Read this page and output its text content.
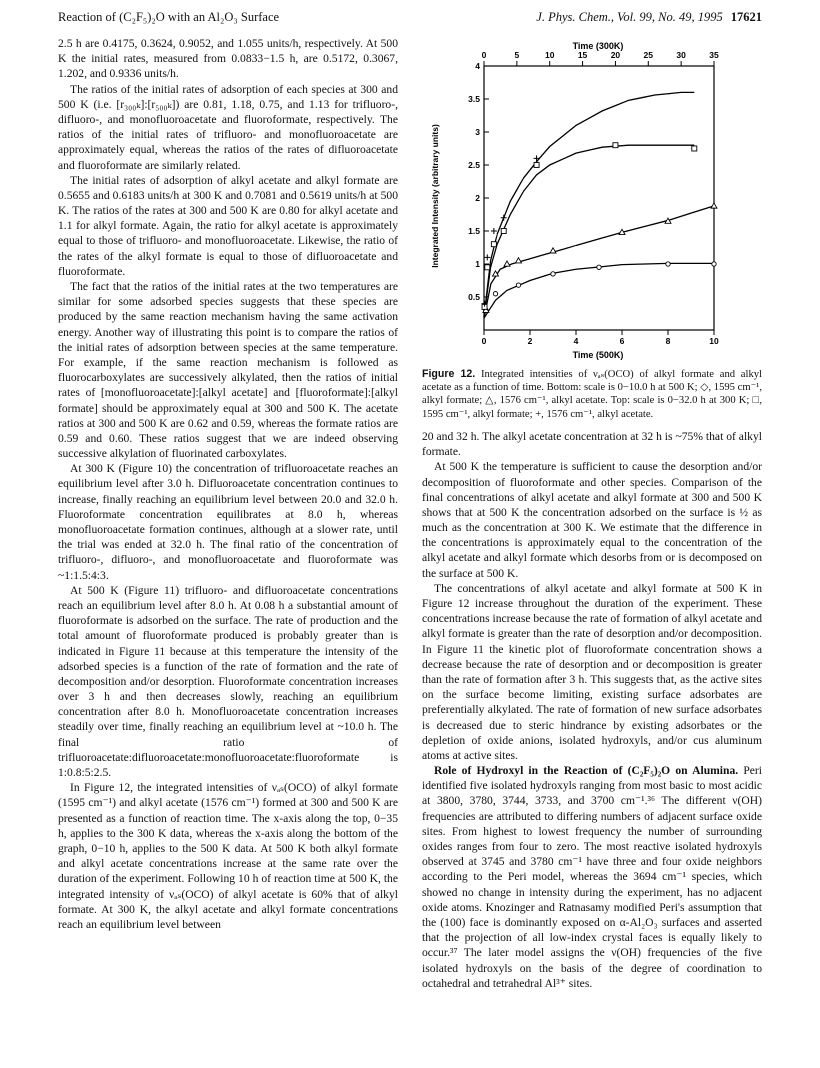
Reaction of (C₂F₅)₂O with an Al₂O₃ Surface	J. Phys. Chem., Vol. 99, No. 49, 1995 17621

2.5 h are 0.4175, 0.3624, 0.9052, and 1.055 units/h, respectively. At 500 K the initial rates, measured from 0.0833−1.5 h, are 0.5172, 0.3067, 1.202, and 0.9336 units/h.

The ratios of the initial rates of adsorption of each species at 300 and 500 K (i.e. [r₃₀₀ₖ]:[r₅₀₀ₖ]) are 0.81, 1.18, 0.75, and 1.13 for trifluoro-, difluoro-, and monofluoroacetate and fluoroformate, respectively. The ratios of the initial rates of trifluoro- and monofluoroacetate are approximately equal, whereas the ratios of the rates of difluoroacetate and fluoroformate are similarly related.

The initial rates of adsorption of alkyl acetate and alkyl formate are 0.5655 and 0.6183 units/h at 300 K and 0.7081 and 0.5619 units/h at 500 K. The ratios of the rates at 300 and 500 K are 0.80 for alkyl acetate and 1.1 for alkyl formate. Again, the ratio for alkyl acetate is approximately equal to those of trifluoro- and monofluoroacetate. Likewise, the ratio of the rates of the alkyl formate is equal to those of difluoroacetate and fluoroformate.

The fact that the ratios of the initial rates at the two temperatures are similar for some adsorbed species suggests that these species are produced by the same reaction mechanism having the same activation energy. Another way of illustrating this point is to compare the ratios of the initial rates of adsorption between species at the same temperature. For example, if the same reaction mechanism is followed as fluorocarboxylates are successively alkylated, then the ratios of initial rates of [monofluoroacetate]:[alkyl acetate] and [fluoroformate]:[alkyl formate] should be approximately equal at 300 and 500 K. The acetate ratios at 300 and 500 K are 0.62 and 0.59, whereas the formate ratios are 0.59 and 0.60. These ratios suggest that we are indeed observing successive alkylation of fluorinated carboxylates.

At 300 K (Figure 10) the concentration of trifluoroacetate reaches an equilibrium level after 3.0 h. Difluoroacetate concentration continues to increase, finally reaching an equilibrium level between 20.0 and 32.0 h. Fluoroformate concentration equilibrates at 8.0 h, whereas monofluoroacetate formation continues, although at a slower rate, until the trial was ended at 32.0 h. The final ratio of the concentration of trifluoro-, difluoro-, and monofluoroacetate and fluoroformate was ~1:1.5:4:3.

At 500 K (Figure 11) trifluoro- and difluoroacetate concentrations reach an equilibrium level after 8.0 h. At 0.08 h a substantial amount of fluoroformate is adsorbed on the surface. The rate of production and the total amount of fluoroformate produced is probably greater than is indicated in Figure 11 because at this temperature the intensity of the adsorbed species is a function of the rate of formation and the rate of decomposition and/or desorption. Fluoroformate concentration increases over 3 h and then decreases slowly, reaching an equilibrium concentration after 8.0 h. Monofluoroacetate concentration increases steadily over time, finally reaching an equilibrium level at ~10.0 h. The final ratio of trifluoroacetate:difluoroacetate:monofluoroacetate:fluoroformate is 1:0.8:5:2.5.

In Figure 12, the integrated intensities of νₐₛ(OCO) of alkyl formate (1595 cm⁻¹) and alkyl acetate (1576 cm⁻¹) formed at 300 and 500 K are presented as a function of reaction time. The x-axis along the top, 0−35 h, applies to the 300 K data, whereas the x-axis along the bottom of the graph, 0−10 h, applies to the 500 K data. At 500 K both alkyl formate and alkyl acetate concentrations increase at the same rate over the duration of the experiment. Following 10 h of reaction time at 500 K, the integrated intensity of νₐₛ(OCO) of alkyl acetate is 60% that of alkyl formate. At 300 K, the alkyl acetate and alkyl formate concentrations reach an equilibrium level between

0	5	10	15	20	25	30	35
0	2	4	6	8	10
0.5
1
1.5
2
2.5
3
3.5
4
Time (300K)
Time (500K)
Integrated Intensity (arbitrary units)
Figure 12. Integrated intensities of νₐₛ(OCO) of alkyl formate and alkyl acetate as a function of time. Bottom: scale is 0−10.0 h at 500 K; ◇, 1595 cm⁻¹, alkyl formate; △, 1576 cm⁻¹, alkyl acetate. Top: scale is 0−32.0 h at 300 K; □, 1595 cm⁻¹, alkyl formate; +, 1576 cm⁻¹, alkyl acetate.

20 and 32 h. The alkyl acetate concentration at 32 h is ~75% that of alkyl formate.

At 500 K the temperature is sufficient to cause the desorption and/or decomposition of fluoroformate and other species. Comparison of the final concentrations of alkyl acetate and alkyl formate at 300 and 500 K shows that at 500 K the concentration adsorbed on the surface is ½ as much as the concentration at 300 K. We estimate that the difference in the concentrations is approximately equal to the concentration of the alkyl acetate and alkyl formate which desorbs from or is decomposed on the surface at 500 K.

The concentrations of alkyl acetate and alkyl formate at 500 K in Figure 12 increase throughout the duration of the experiment. These concentrations increase because the rate of formation of alkyl acetate and alkyl formate is greater than the rate of desorption and/or decomposition. In Figure 11 the kinetic plot of fluoroformate concentration shows a decrease because the rate of desorption and or decomposition is greater than the rate of formation after 3 h. This suggests that, as the active sites on the surface become limiting, existing surface adsorbates are preferentially alkylated. The rate of formation of new surface adsorbates is decreased due to steric hindrance by existing adsorbates or the depletion of oxide anions, isolated hydroxyls, and/or cus aluminum atoms at active sites.

Role of Hydroxyl in the Reaction of (C₂F₅)₂O on Alumina. Peri identified five isolated hydroxyls ranging from most basic to most acidic at 3800, 3780, 3744, 3733, and 3700 cm⁻¹.³⁶ The different ν(OH) frequencies are attributed to differing numbers of adjacent surface oxide sites. From highest to lowest frequency the number of surrounding oxides ranges from four to zero. The most reactive isolated hydroxyls observed at 3745 and 3780 cm⁻¹ have three and four oxide neighbors according to the Peri model, whereas the 3694 cm⁻¹ species, which showed no change in intensity during the experiment, has no adjacent oxide atoms. Knozinger and Ratnasamy modified Peri's assumption that the (100) face is dominantly exposed on α-Al₂O₃ surfaces and asserted that the projection of all low-index crystal faces is equally likely to occur.³⁷ The later model assigns the ν(OH) frequencies of the five isolated hydroxyls on the basis of the degree of coordination to octahedral and tetrahedral Al³⁺ sites.
